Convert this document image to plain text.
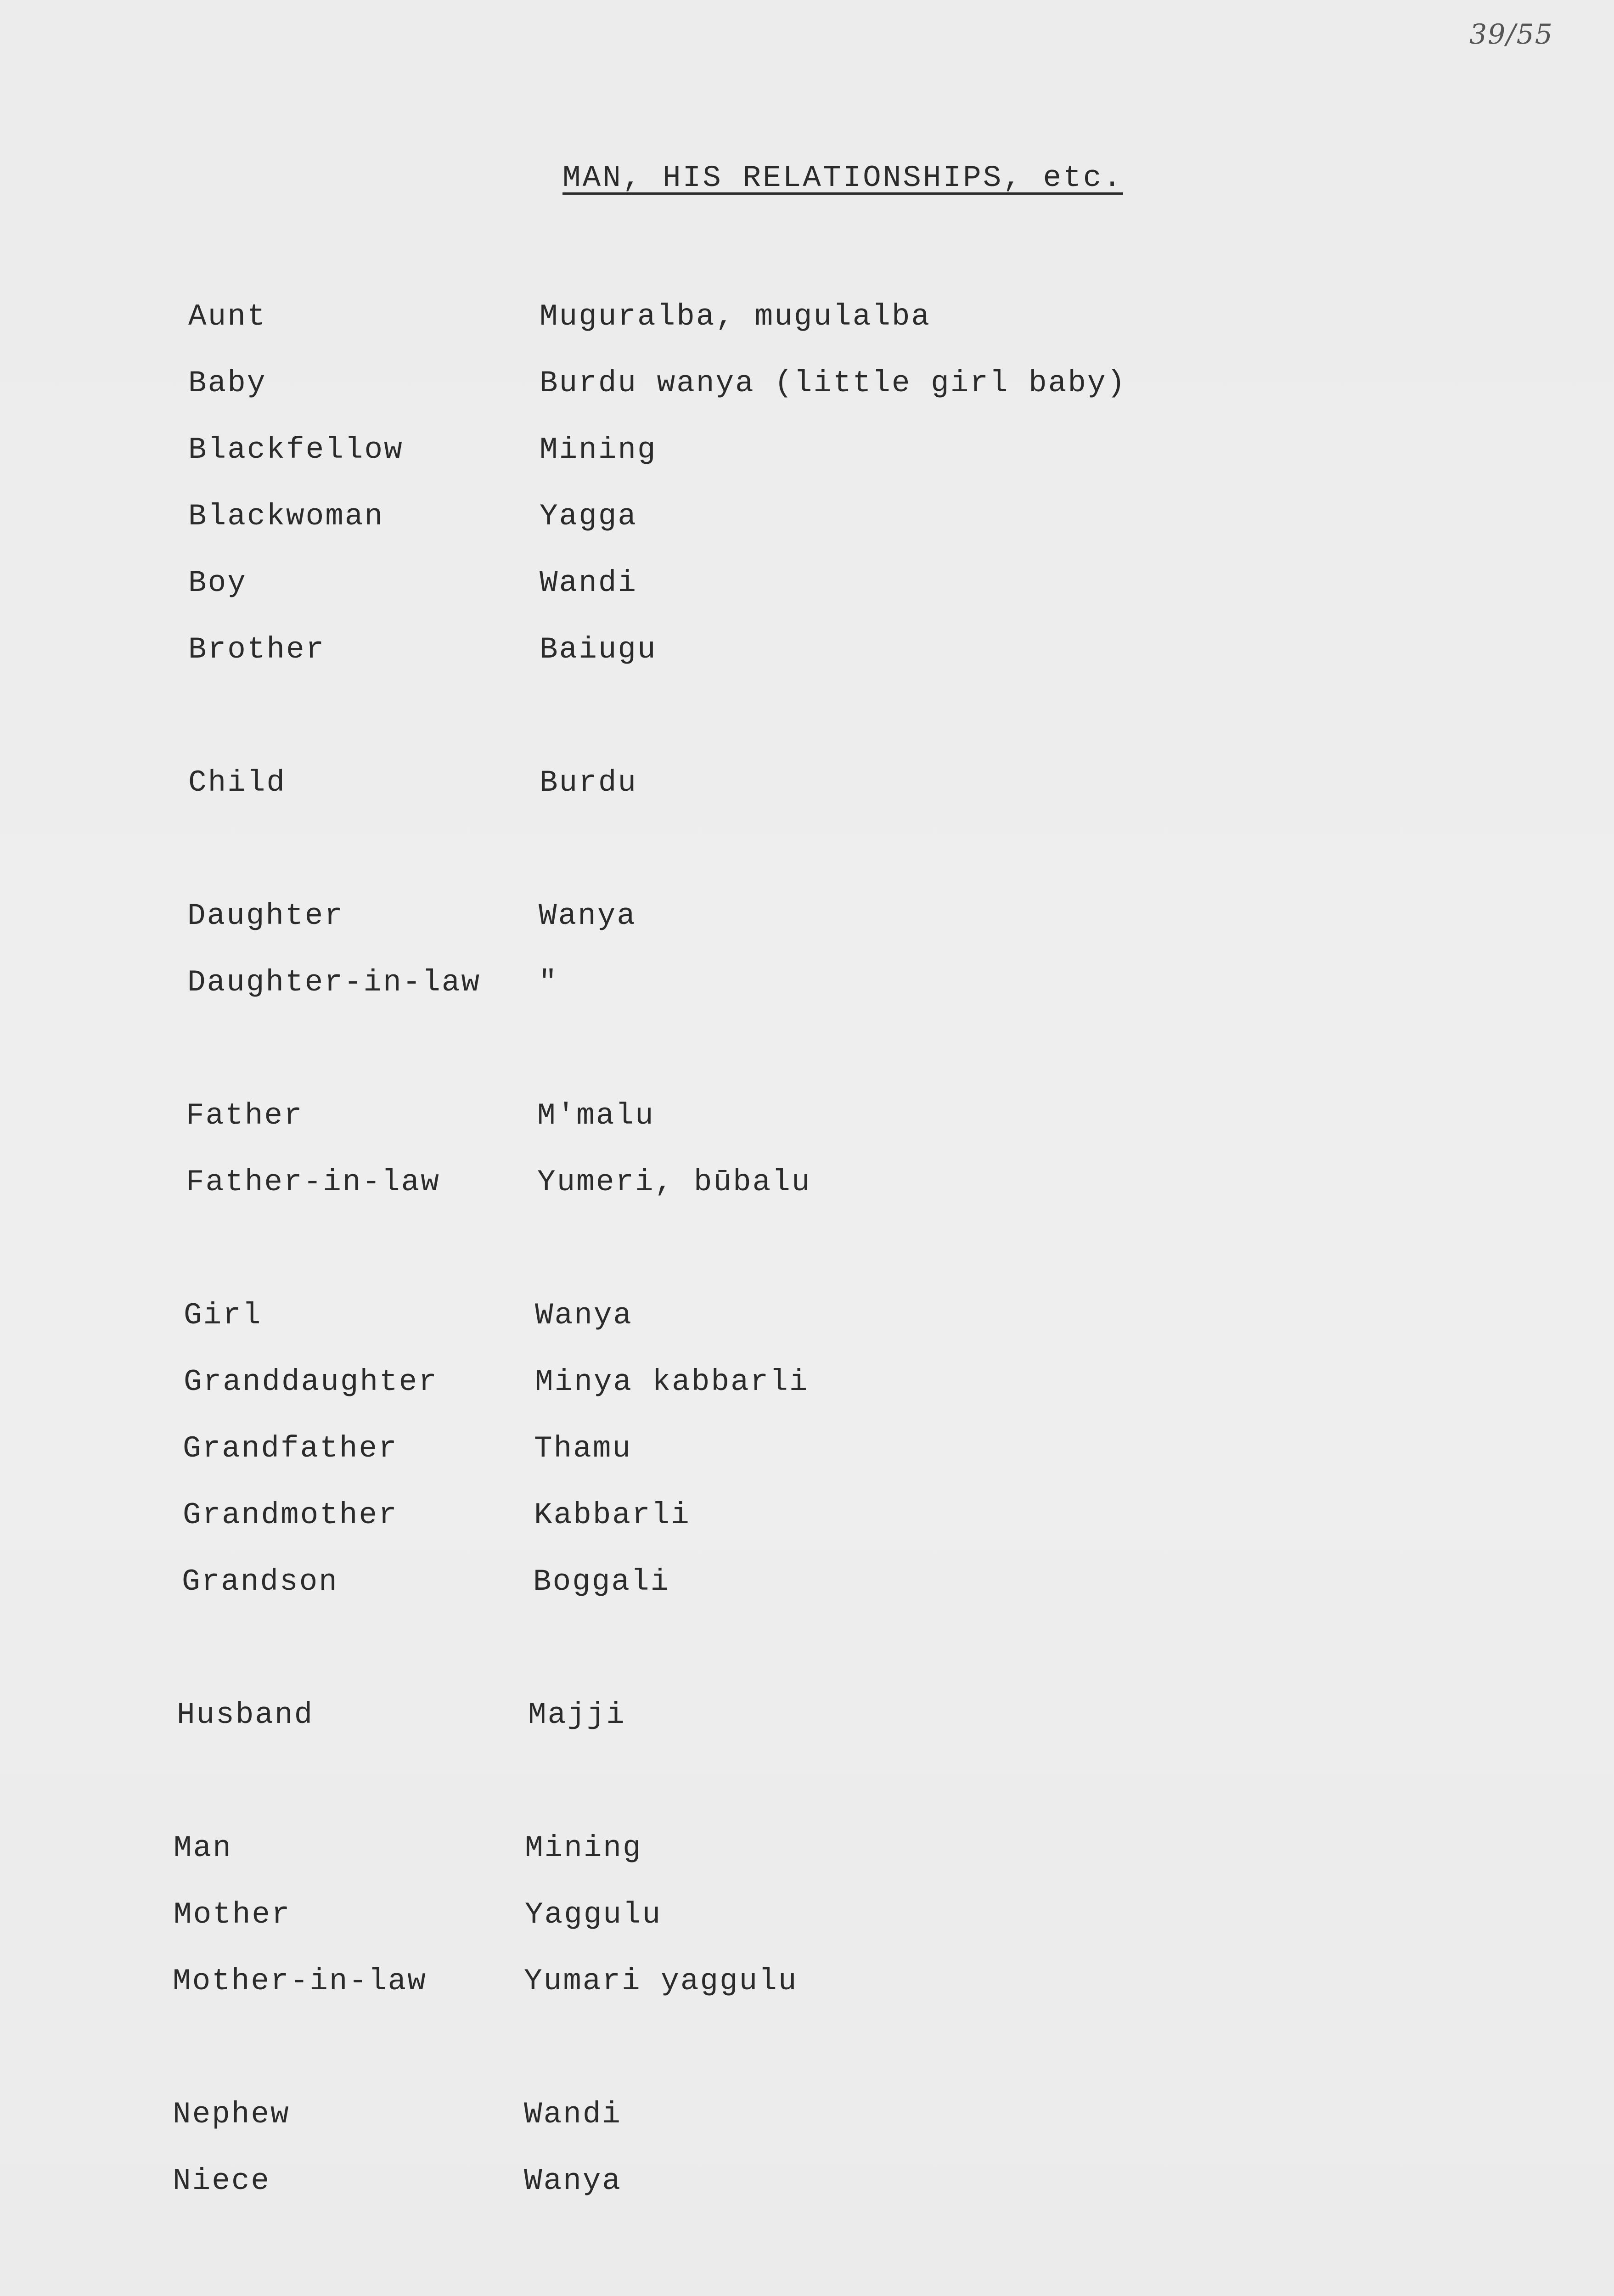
39/55
MAN, HIS RELATIONSHIPS, etc.
Aunt	Muguralba, mugulalba
Baby	Burdu wanya (little girl baby)
Blackfellow	Mining
Blackwoman	Yagga
Boy	Wandi
Brother	Baiugu
Child	Burdu
Daughter	Wanya
Daughter-in-law "
Father	M'malu
Father-in-law	Yumeri, būbalu
Girl	Wanya
Granddaughter	Minya kabbarli
Grandfather	Thamu
Grandmother	Kabbarli
Grandson	Boggali
Husband	Majji
Man	Mining
Mother	Yaggulu
Mother-in-law	Yumari yaggulu
Nephew	Wandi
Niece	Wanya
